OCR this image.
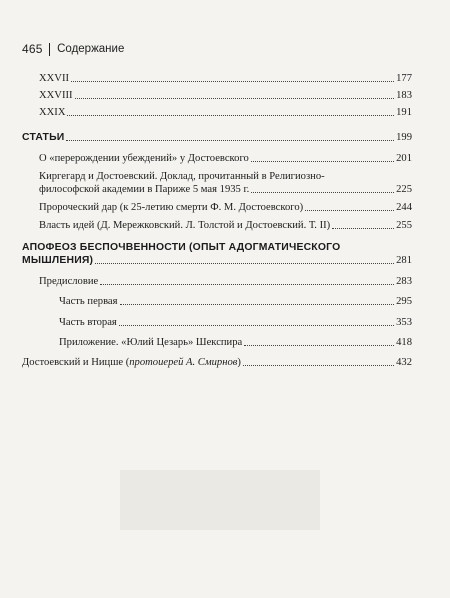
465 Содержание
XXVII	177
XXVIII	183
XXIX	191
СТАТЬИ	199
О «перерождении убеждений» у Достоевского	201
Киргегард и Достоевский. Доклад, прочитанный в Религиозно-
философской академии в Париже 5 мая 1935 г.	225
Пророческий дар (к 25-летию смерти Ф. М. Достоевского)	244
Власть идей (Д. Мережковский. Л. Толстой и Достоевский. Т. II)	255
АПОФЕОЗ БЕСПОЧВЕННОСТИ (ОПЫТ АДОГМАТИЧЕСКОГО
МЫШЛЕНИЯ)	281
Предисловие	283
Часть первая	295
Часть вторая	353
Приложение. «Юлий Цезарь» Шекспира	418
Достоевский и Ницше (протоиерей А. Смирнов)	432
